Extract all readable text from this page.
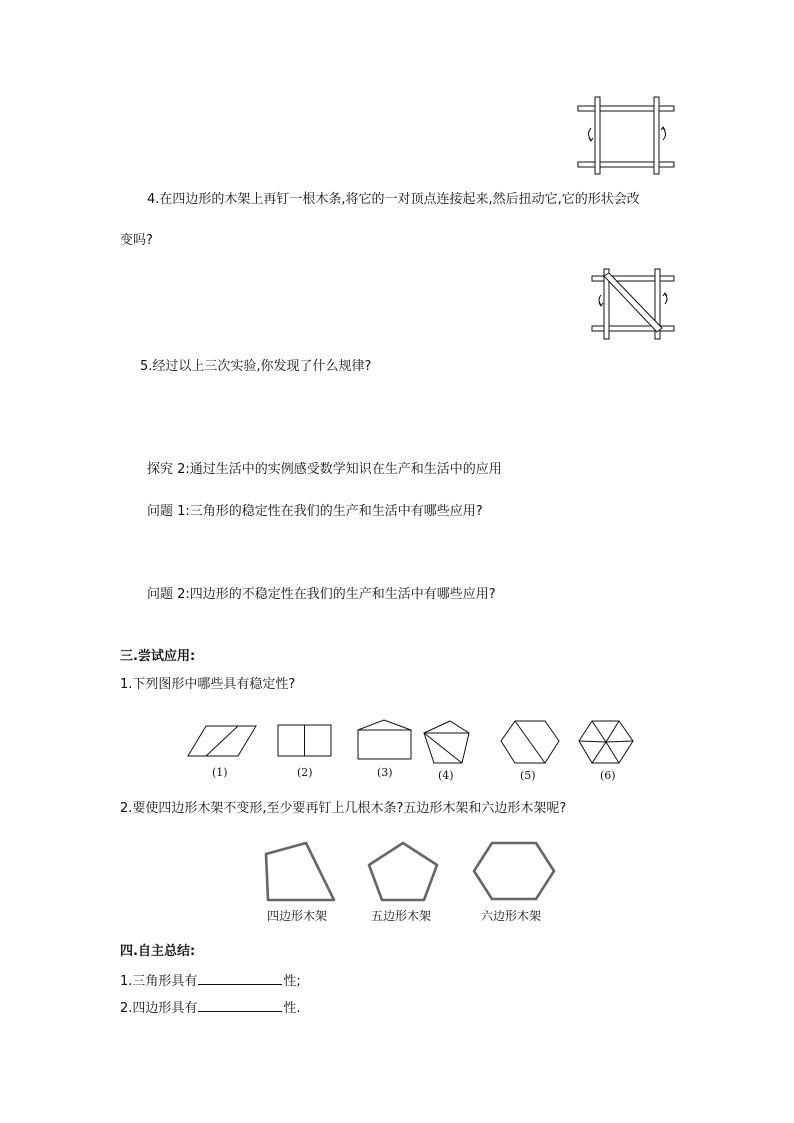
4.在四边形的木架上再钉一根木条,将它的一对顶点连接起来,然后扭动它,它的形状会改
变吗?
5.经过以上三次实验,你发现了什么规律?
探究 2:通过生活中的实例感受数学知识在生产和生活中的应用
问题 1:三角形的稳定性在我们的生产和生活中有哪些应用?
问题 2:四边形的不稳定性在我们的生产和生活中有哪些应用?
三.尝试应用:
1.下列图形中哪些具有稳定性?
(1)	(2)	(3)	(4)	(5)	(6)
2.要使四边形木架不变形,至少要再钉上几根木条?五边形木架和六边形木架呢?
四边形木架	五边形木架	六边形木架
四.自主总结:
1.三角形具有	性;
2.四边形具有	性.
